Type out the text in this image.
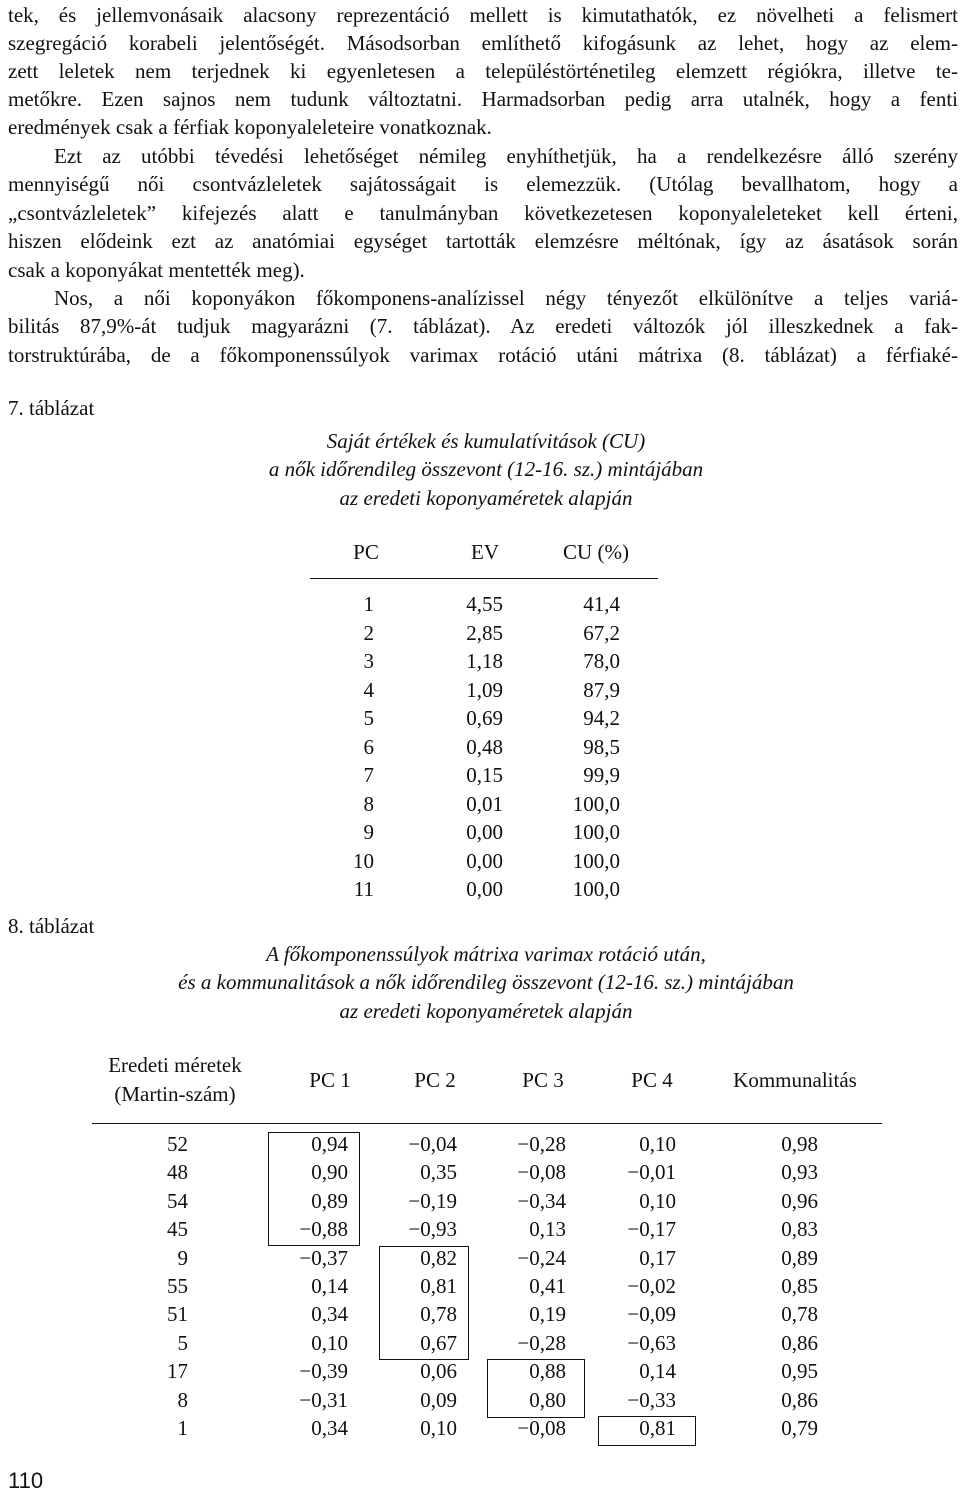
tek, és jellemvonásaik alacsony reprezentáció mellett is kimutathatók, ez növelheti a felismert
szegregáció korabeli jelentőségét. Másodsorban említhető kifogásunk az lehet, hogy az elem-
zett leletek nem terjednek ki egyenletesen a településtörténetileg elemzett régiókra, illetve te-
metőkre. Ezen sajnos nem tudunk változtatni. Harmadsorban pedig arra utalnék, hogy a fenti
eredmények csak a férfiak koponyaleleteire vonatkoznak.
Ezt az utóbbi tévedési lehetőséget némileg enyhíthetjük, ha a rendelkezésre álló szerény
mennyiségű női csontvázleletek sajátosságait is elemezzük. (Utólag bevallhatom, hogy a
„csontvázleletek” kifejezés alatt e tanulmányban következetesen koponyaleleteket kell érteni,
hiszen elődeink ezt az anatómiai egységet tartották elemzésre méltónak, így az ásatások során
csak a koponyákat mentették meg).
Nos, a női koponyákon főkomponens-analízissel négy tényezőt elkülönítve a teljes variá-
bilitás 87,9%-át tudjuk magyarázni (7. táblázat). Az eredeti változók jól illeszkednek a fak-
torstruktúrába, de a főkomponenssúlyok varimax rotáció utáni mátrixa (8. táblázat) a férfiaké-
7. táblázat
Saját értékek és kumulatívitások (CU)
a nők időrendileg összevont (12-16. sz.) mintájában
az eredeti koponyaméretek alapján
PC	EV	CU (%)
1	4,55	41,4
2	2,85	67,2
3	1,18	78,0
4	1,09	87,9
5	0,69	94,2
6	0,48	98,5
7	0,15	99,9
8	0,01	100,0
9	0,00	100,0
10	0,00	100,0
11	0,00	100,0
8. táblázat
A főkomponenssúlyok mátrixa varimax rotáció után,
és a kommunalitások a nők időrendileg összevont (12-16. sz.) mintájában
az eredeti koponyaméretek alapján
Eredeti méretek
(Martin-szám)
PC 1	PC 2	PC 3	PC 4	Kommunalitás
52	0,94	−0,04	−0,28	0,10	0,98
48	0,90	0,35	−0,08	−0,01	0,93
54	0,89	−0,19	−0,34	0,10	0,96
45	−0,88	−0,93	0,13	−0,17	0,83
9	−0,37	0,82	−0,24	0,17	0,89
55	0,14	0,81	0,41	−0,02	0,85
51	0,34	0,78	0,19	−0,09	0,78
5	0,10	0,67	−0,28	−0,63	0,86
17	−0,39	0,06	0,88	0,14	0,95
8	−0,31	0,09	0,80	−0,33	0,86
1	0,34	0,10	−0,08	0,81	0,79
110
